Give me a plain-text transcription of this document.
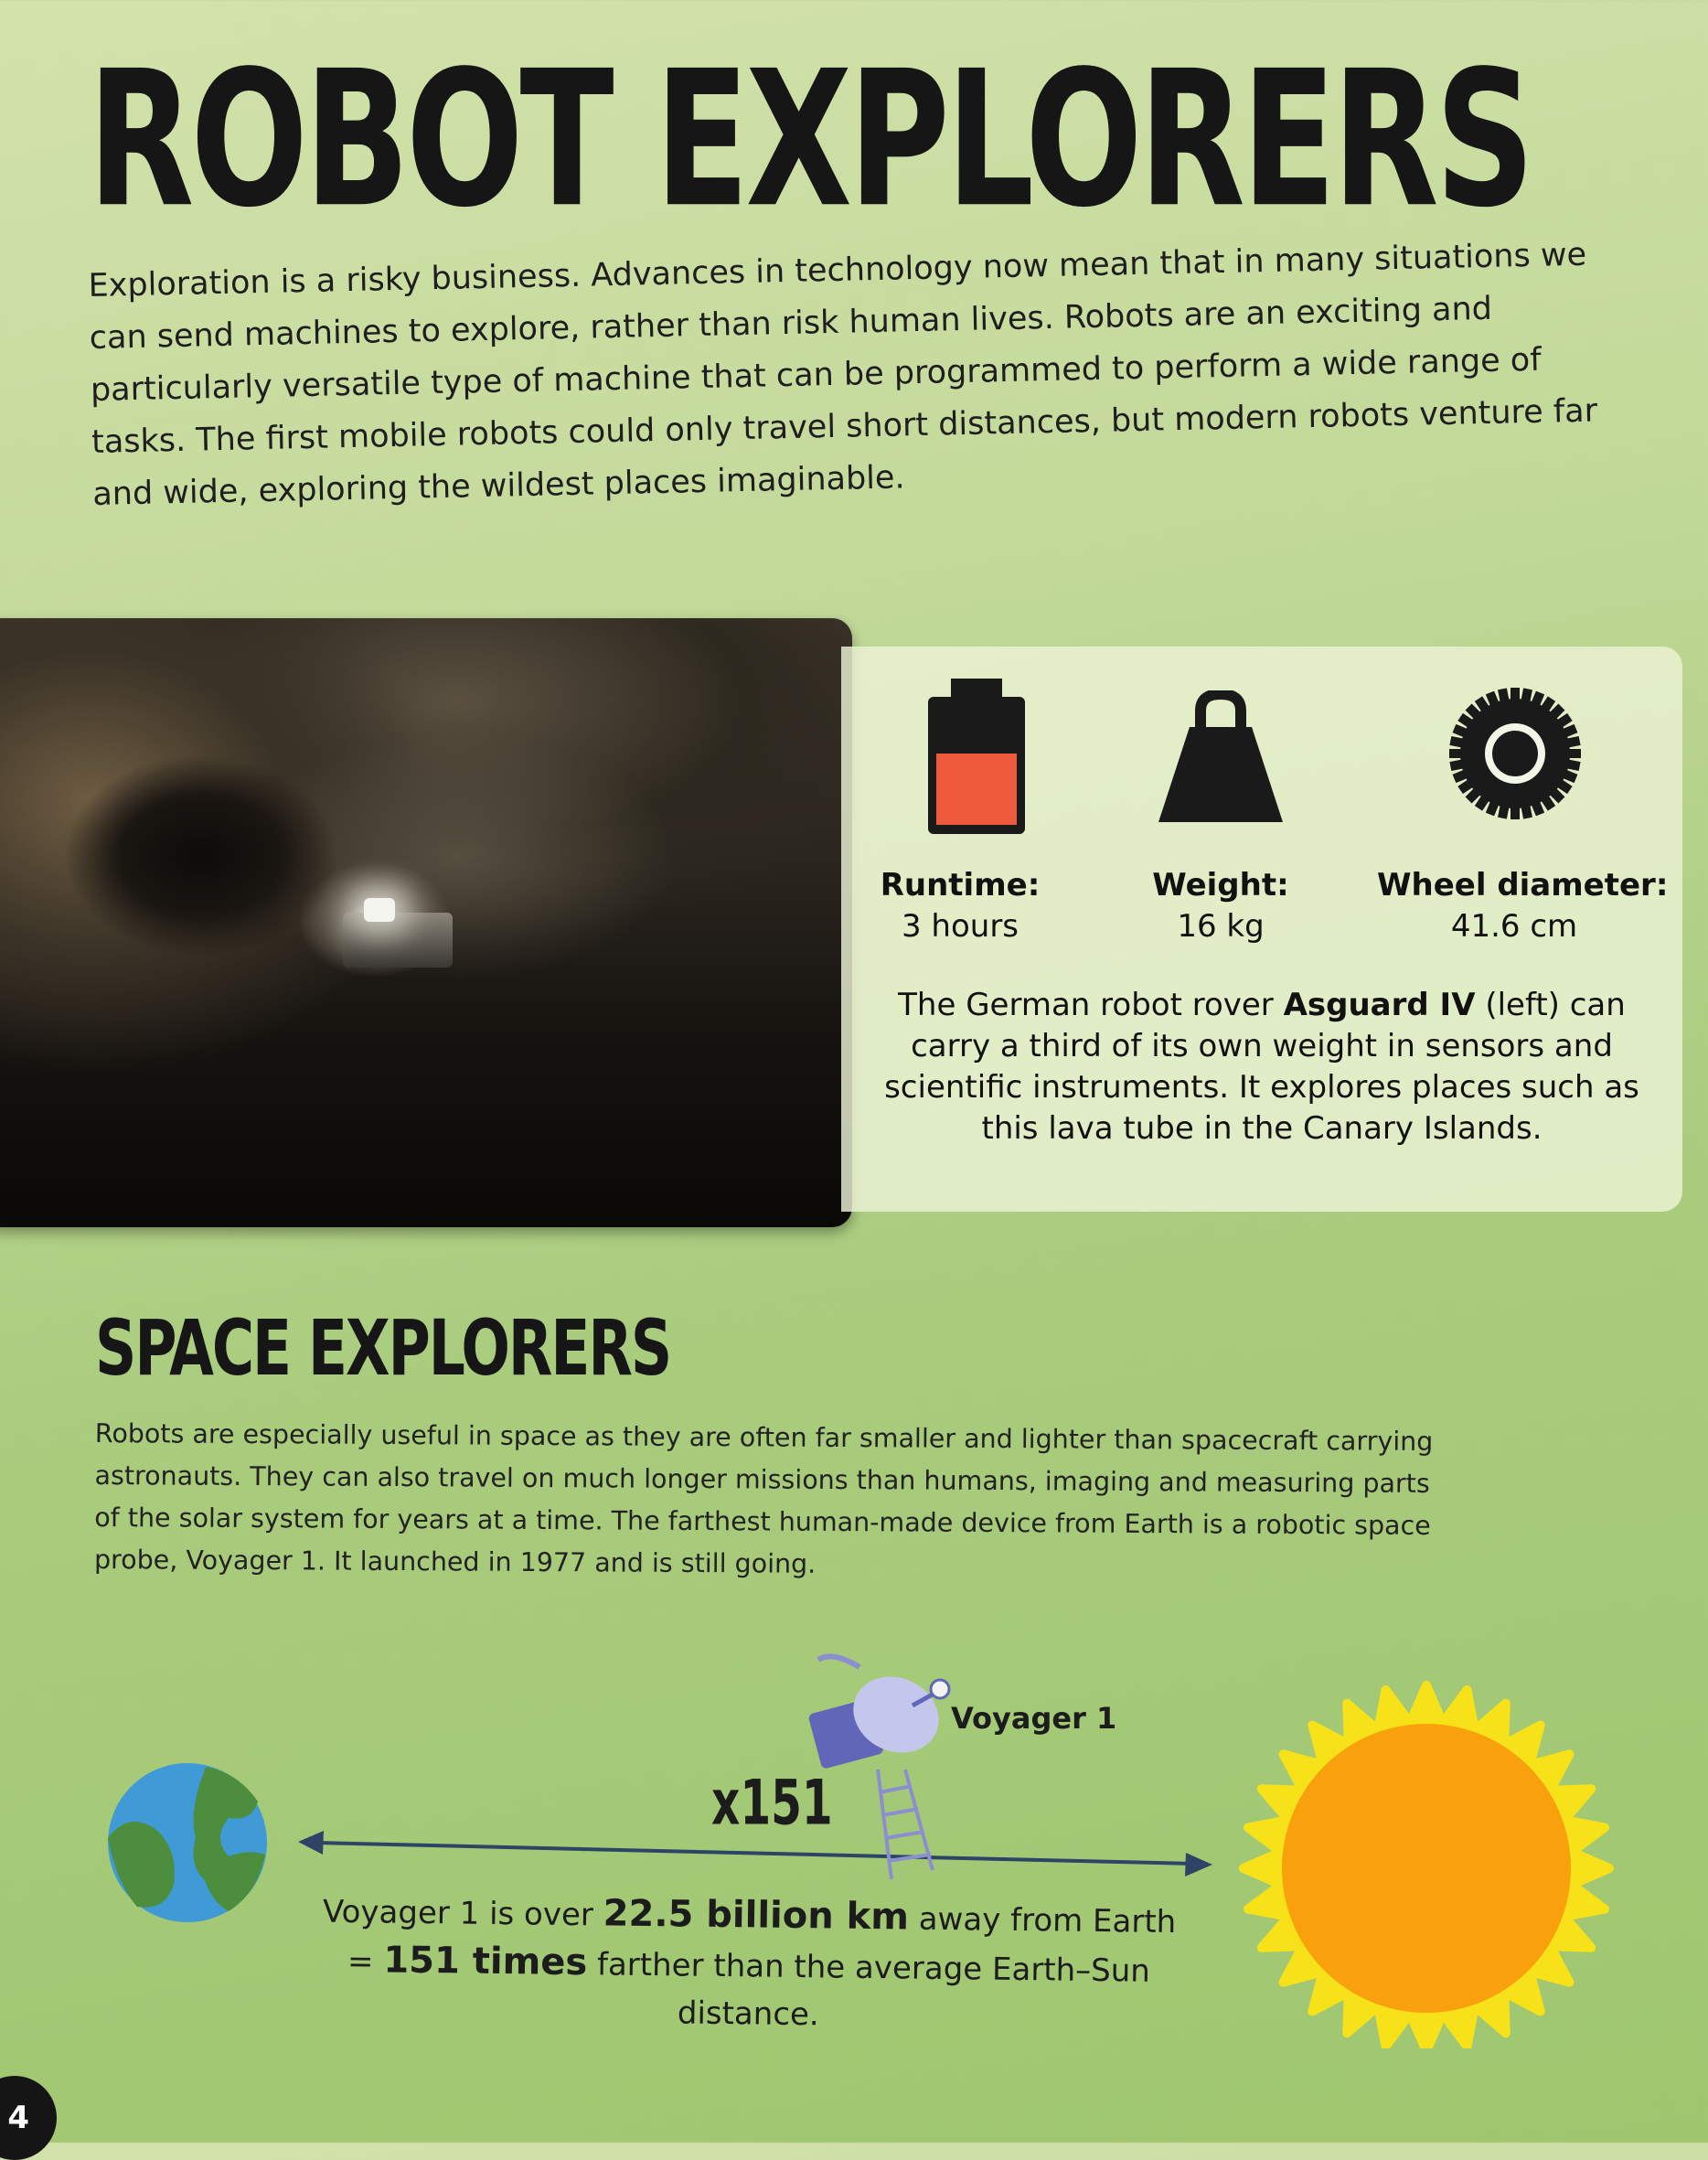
ROBOT EXPLORERS

Exploration is a risky business. Advances in technology now mean that in many situations we can send machines to explore, rather than risk human lives. Robots are an exciting and particularly versatile type of machine that can be programmed to perform a wide range of tasks. The first mobile robots could only travel short distances, but modern robots venture far and wide, exploring the wildest places imaginable.

Runtime:
3 hours
Weight:
16 kg
Wheel diameter:
41.6 cm

The German robot rover Asguard IV (left) can carry a third of its own weight in sensors and scientific instruments. It explores places such as this lava tube in the Canary Islands.

SPACE EXPLORERS

Robots are especially useful in space as they are often far smaller and lighter than spacecraft carrying astronauts. They can also travel on much longer missions than humans, imaging and measuring parts of the solar system for years at a time. The farthest human-made device from Earth is a robotic space probe, Voyager 1. It launched in 1977 and is still going.

Voyager 1
x151

Voyager 1 is over 22.5 billion km away from Earth
= 151 times farther than the average Earth–Sun distance.

4
